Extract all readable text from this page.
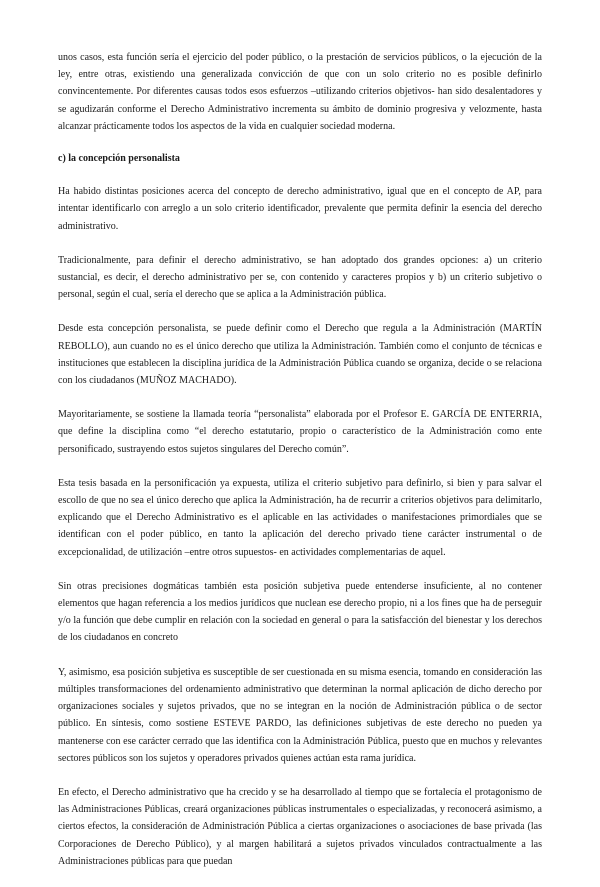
unos casos, esta función sería el ejercicio del poder público, o la prestación de servicios públicos, o la ejecución de la ley, entre otras, existiendo una generalizada convicción de que con un solo criterio no es posible definirlo convincentemente. Por diferentes causas todos esos esfuerzos –utilizando criterios objetivos- han sido desalentadores y se agudizarán conforme el Derecho Administrativo incrementa su ámbito de dominio progresiva y velozmente, hasta alcanzar prácticamente todos los aspectos de la vida en cualquier sociedad moderna.

c) la concepción personalista

Ha habido distintas posiciones acerca del concepto de derecho administrativo, igual que en el concepto de AP, para intentar identificarlo con arreglo a un solo criterio identificador, prevalente que permita definir la esencia del derecho administrativo.

Tradicionalmente, para definir el derecho administrativo, se han adoptado dos grandes opciones: a) un criterio sustancial, es decir, el derecho administrativo per se, con contenido y caracteres propios y b) un criterio subjetivo o personal, según el cual, sería el derecho que se aplica a la Administración pública.

Desde esta concepción personalista, se puede definir como el Derecho que regula a la Administración (MARTÍN REBOLLO), aun cuando no es el único derecho que utiliza la Administración. También como el conjunto de técnicas e instituciones que establecen la disciplina jurídica de la Administración Pública cuando se organiza, decide o se relaciona con los ciudadanos (MUÑOZ MACHADO).

Mayoritariamente, se sostiene la llamada teoría “personalista” elaborada por el Profesor E. GARCÍA DE ENTERRIA, que define la disciplina como “el derecho estatutario, propio o característico de la Administración como ente personificado, sustrayendo estos sujetos singulares del Derecho común”.

Esta tesis basada en la personificación ya expuesta, utiliza el criterio subjetivo para definirlo, si bien y para salvar el escollo de que no sea el único derecho que aplica la Administración, ha de recurrir a criterios objetivos para delimitarlo, explicando que el Derecho Administrativo es el aplicable en las actividades o manifestaciones primordiales que se identifican con el poder público, en tanto la aplicación del derecho privado tiene carácter instrumental o de excepcionalidad, de utilización –entre otros supuestos- en actividades complementarias de aquel.

Sin otras precisiones dogmáticas también esta posición subjetiva puede entenderse insuficiente, al no contener elementos que hagan referencia a los medios jurídicos que nuclean ese derecho propio, ni a los fines que ha de perseguir y/o la función que debe cumplir en relación con la sociedad en general o para la satisfacción del bienestar y los derechos de los ciudadanos en concreto

Y, asimismo, esa posición subjetiva es susceptible de ser cuestionada en su misma esencia, tomando en consideración las múltiples transformaciones del ordenamiento administrativo que determinan la normal aplicación de dicho derecho por organizaciones sociales y sujetos privados, que no se integran en la noción de Administración pública o de sector público. En síntesis, como sostiene ESTEVE PARDO, las definiciones subjetivas de este derecho no pueden ya mantenerse con ese carácter cerrado que las identifica con la Administración Pública, puesto que en muchos y relevantes sectores públicos son los sujetos y operadores privados quienes actúan esta rama jurídica.

En efecto, el Derecho administrativo que ha crecido y se ha desarrollado al tiempo que se fortalecía el protagonismo de las Administraciones Públicas, creará organizaciones públicas instrumentales o especializadas, y reconocerá asimismo, a ciertos efectos, la consideración de Administración Pública a ciertas organizaciones o asociaciones de base privada (las Corporaciones de Derecho Público), y al margen habilitará a sujetos privados vinculados contractualmente a las Administraciones públicas para que puedan
